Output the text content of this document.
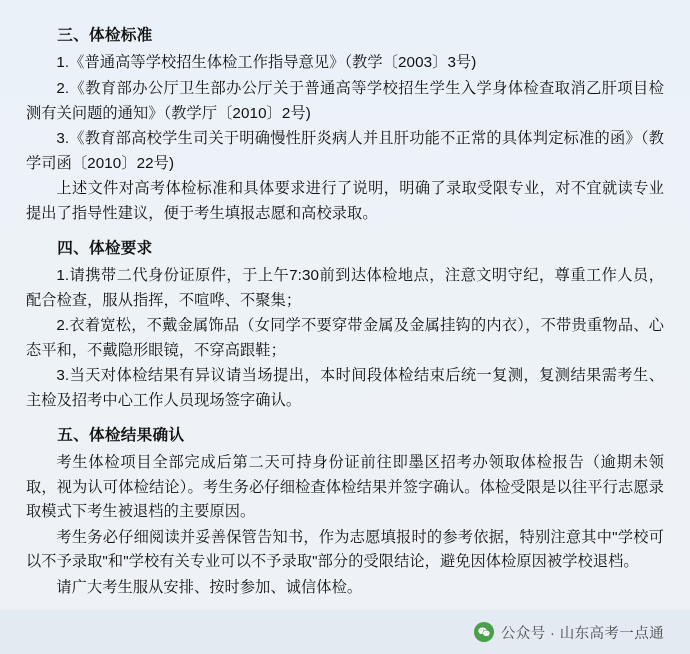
三、体检标准

1.《普通高等学校招生体检工作指导意见》（教学〔2003〕3号)

2.《教育部办公厅卫生部办公厅关于普通高等学校招生学生入学身体检查取消乙肝项目检测有关问题的通知》（教学厅〔2010〕2号)

3.《教育部高校学生司关于明确慢性肝炎病人并且肝功能不正常的具体判定标准的函》（教学司函〔2010〕22号)

上述文件对高考体检标准和具体要求进行了说明，明确了录取受限专业，对不宜就读专业提出了指导性建议，便于考生填报志愿和高校录取。

四、体检要求

1.请携带二代身份证原件，于上午7:30前到达体检地点，注意文明守纪，尊重工作人员，配合检查，服从指挥，不喧哗、不聚集；

2.衣着宽松，不戴金属饰品（女同学不要穿带金属及金属挂钩的内衣），不带贵重物品、心态平和，不戴隐形眼镜，不穿高跟鞋；

3.当天对体检结果有异议请当场提出，本时间段体检结束后统一复测，复测结果需考生、主检及招考中心工作人员现场签字确认。

五、体检结果确认

考生体检项目全部完成后第二天可持身份证前往即墨区招考办领取体检报告（逾期未领取，视为认可体检结论）。考生务必仔细检查体检结果并签字确认。体检受限是以往平行志愿录取模式下考生被退档的主要原因。

考生务必仔细阅读并妥善保管告知书，作为志愿填报时的参考依据，特别注意其中"学校可以不予录取"和"学校有关专业可以不予录取"部分的受限结论，避免因体检原因被学校退档。

请广大考生服从安排、按时参加、诚信体检。

公众号 · 山东高考一点通
